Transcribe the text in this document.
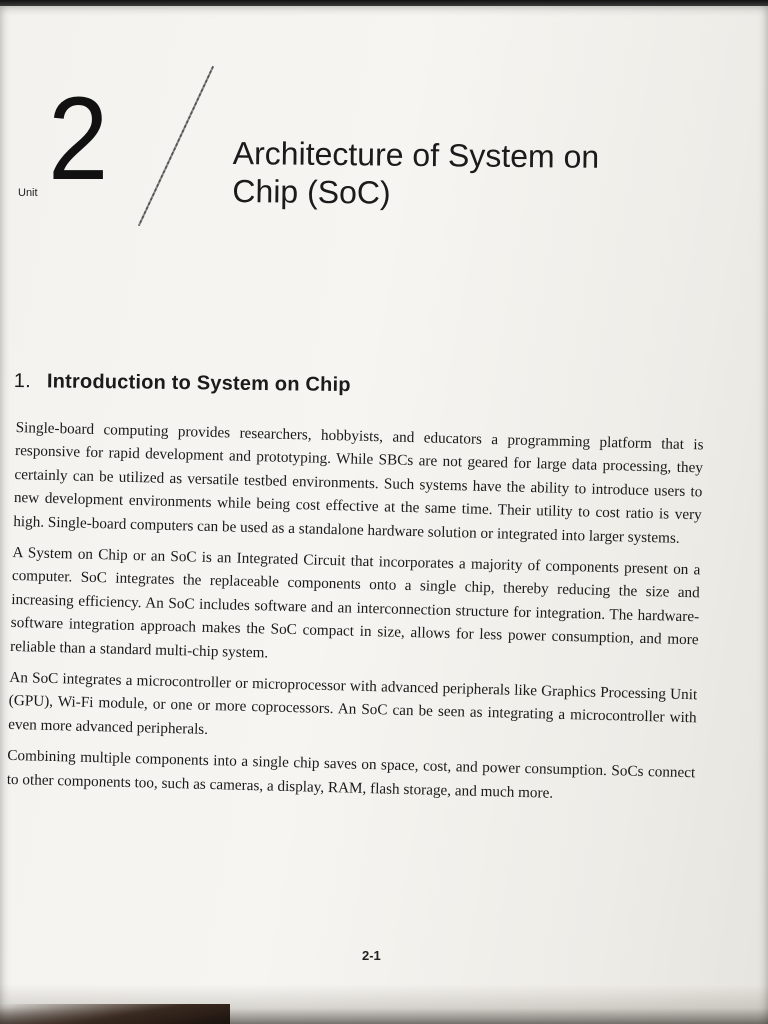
Unit 2	Architecture of System on
Chip (SoC)
1. Introduction to System on Chip

Single-board computing provides researchers, hobbyists, and educators a programming platform that is responsive for rapid development and prototyping. While SBCs are not geared for large data processing, they certainly can be utilized as versatile testbed environments. Such systems have the ability to introduce users to new development environments while being cost effective at the same time. Their utility to cost ratio is very high. Single-board computers can be used as a standalone hardware solution or integrated into larger systems.

A System on Chip or an SoC is an Integrated Circuit that incorporates a majority of components present on a computer. SoC integrates the replaceable components onto a single chip, thereby reducing the size and increasing efficiency. An SoC includes software and an interconnection structure for integration. The hardware-software integration approach makes the SoC compact in size, allows for less power consumption, and more reliable than a standard multi-chip system.

An SoC integrates a microcontroller or microprocessor with advanced peripherals like Graphics Processing Unit (GPU), Wi-Fi module, or one or more coprocessors. An SoC can be seen as integrating a microcontroller with even more advanced peripherals.

Combining multiple components into a single chip saves on space, cost, and power consumption. SoCs connect to other components too, such as cameras, a display, RAM, flash storage, and much more.

2-1
